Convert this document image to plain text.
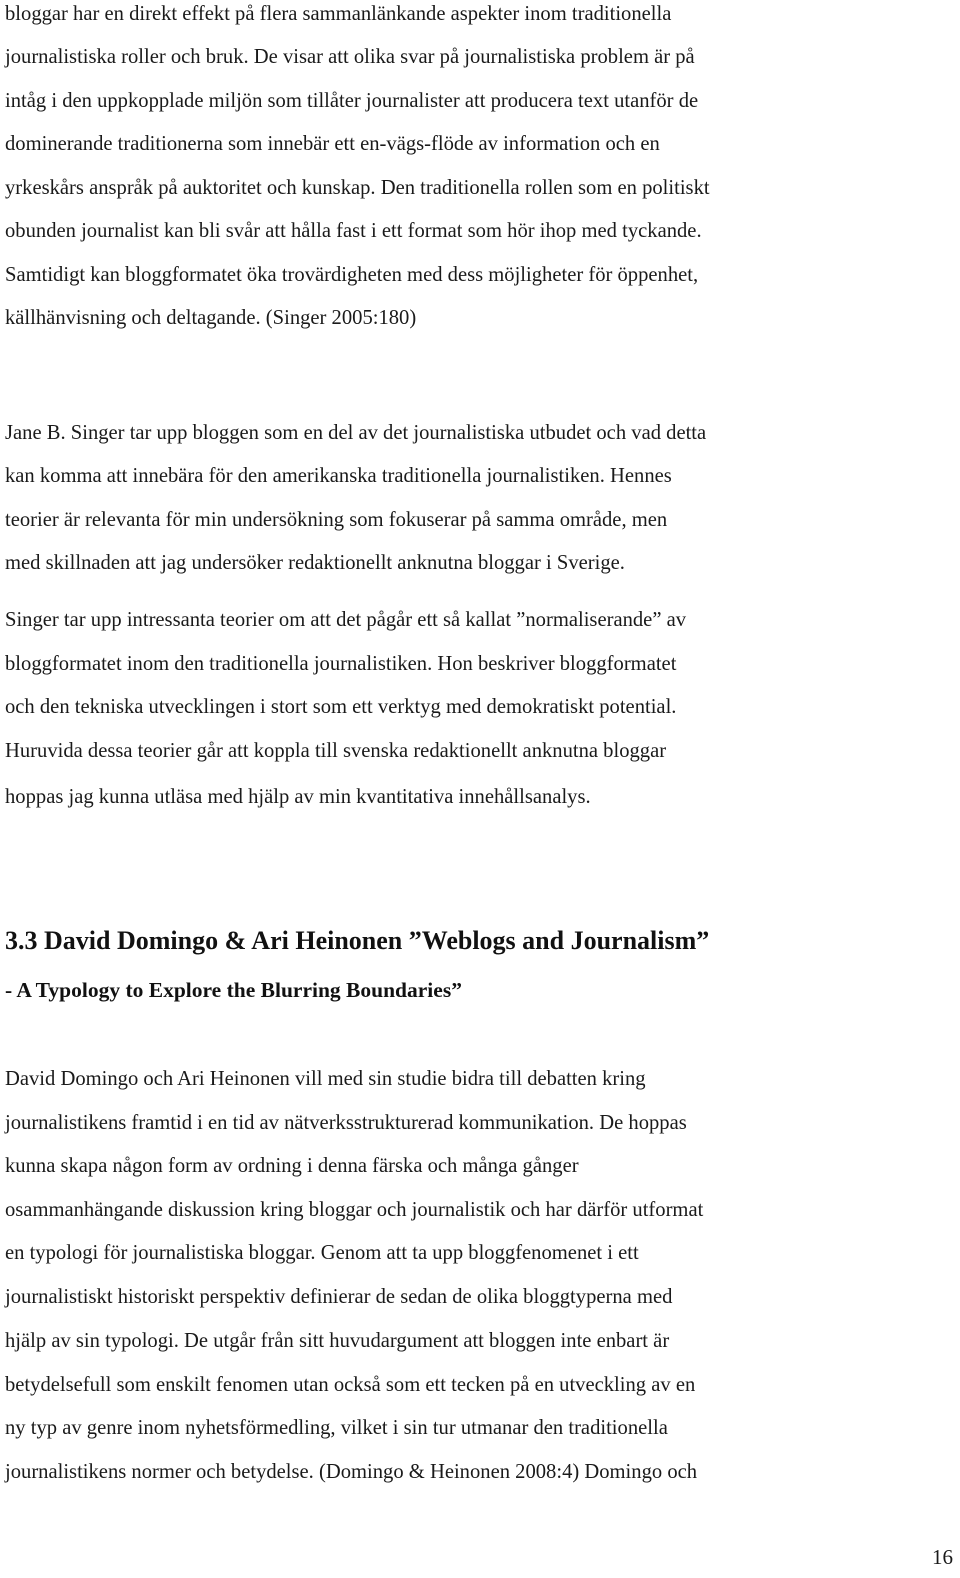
bloggar har en direkt effekt på flera sammanlänkande aspekter inom traditionella
journalistiska roller och bruk. De visar att olika svar på journalistiska problem är på
intåg i den uppkopplade miljön som tillåter journalister att producera text utanför de
dominerande traditionerna som innebär ett en-vägs-flöde av information och en
yrkeskårs anspråk på auktoritet och kunskap. Den traditionella rollen som en politiskt
obunden journalist kan bli svår att hålla fast i ett format som hör ihop med tyckande.
Samtidigt kan bloggformatet öka trovärdigheten med dess möjligheter för öppenhet,
källhänvisning och deltagande. (Singer 2005:180)
Jane B. Singer tar upp bloggen som en del av det journalistiska utbudet och vad detta
kan komma att innebära för den amerikanska traditionella journalistiken. Hennes
teorier är relevanta för min undersökning som fokuserar på samma område, men
med skillnaden att jag undersöker redaktionellt anknutna bloggar i Sverige.
Singer tar upp intressanta teorier om att det pågår ett så kallat ”normaliserande” av
bloggformatet inom den traditionella journalistiken. Hon beskriver bloggformatet
och den tekniska utvecklingen i stort som ett verktyg med demokratiskt potential.
Huruvida dessa teorier går att koppla till svenska redaktionellt anknutna bloggar
hoppas jag kunna utläsa med hjälp av min kvantitativa innehållsanalys.
3.3 David Domingo & Ari Heinonen ”Weblogs and Journalism”
- A Typology to Explore the Blurring Boundaries”
David Domingo och Ari Heinonen vill med sin studie bidra till debatten kring
journalistikens framtid i en tid av nätverksstrukturerad kommunikation. De hoppas
kunna skapa någon form av ordning i denna färska och många gånger
osammanhängande diskussion kring bloggar och journalistik och har därför utformat
en typologi för journalistiska bloggar. Genom att ta upp bloggfenomenet i ett
journalistiskt historiskt perspektiv definierar de sedan de olika bloggtyperna med
hjälp av sin typologi. De utgår från sitt huvudargument att bloggen inte enbart är
betydelsefull som enskilt fenomen utan också som ett tecken på en utveckling av en
ny typ av genre inom nyhetsförmedling, vilket i sin tur utmanar den traditionella
journalistikens normer och betydelse. (Domingo & Heinonen 2008:4) Domingo och
16
